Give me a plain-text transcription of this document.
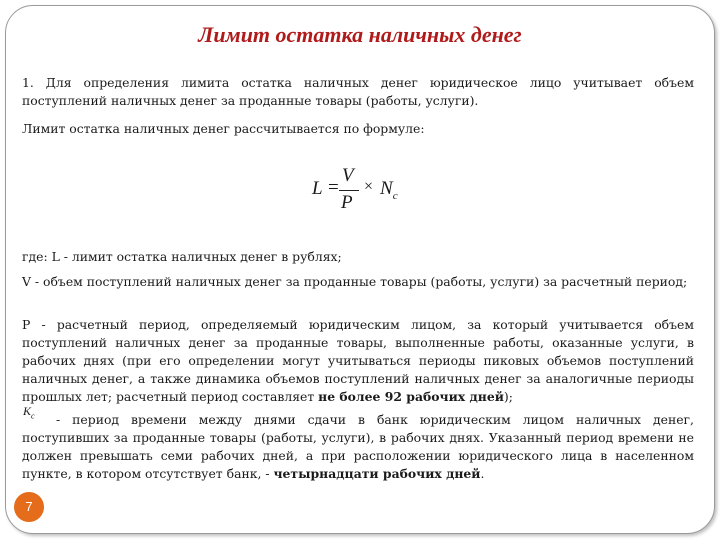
Лимит остатка наличных денег

1. Для определения лимита остатка наличных денег юридическое лицо учитывает объем поступлений наличных денег за проданные товары (работы, услуги).

Лимит остатка наличных денег рассчитывается по формуле:

L =
V
P
× $N_c$

где: L - лимит остатка наличных денег в рублях;

V - объем поступлений наличных денег за проданные товары (работы, услуги) за расчетный период;

Р - расчетный период, определяемый юридическим лицом, за который учитывается объем поступлений наличных денег за проданные товары, выполненные работы, оказанные услуги, в рабочих днях (при его определении могут учитываться периоды пиковых объемов поступлений наличных денег, а также динамика объемов поступлений наличных денег за аналогичные периоды прошлых лет; расчетный период составляет не более 92 рабочих дней);

$K_c$	- период времени между днями сдачи в банк юридическим лицом наличных денег, поступивших за проданные товары (работы, услуги), в рабочих днях. Указанный период времени не должен превышать семи рабочих дней, а при расположении юридического лица в населенном пункте, в котором отсутствует банк, - четырнадцати рабочих дней.

7
